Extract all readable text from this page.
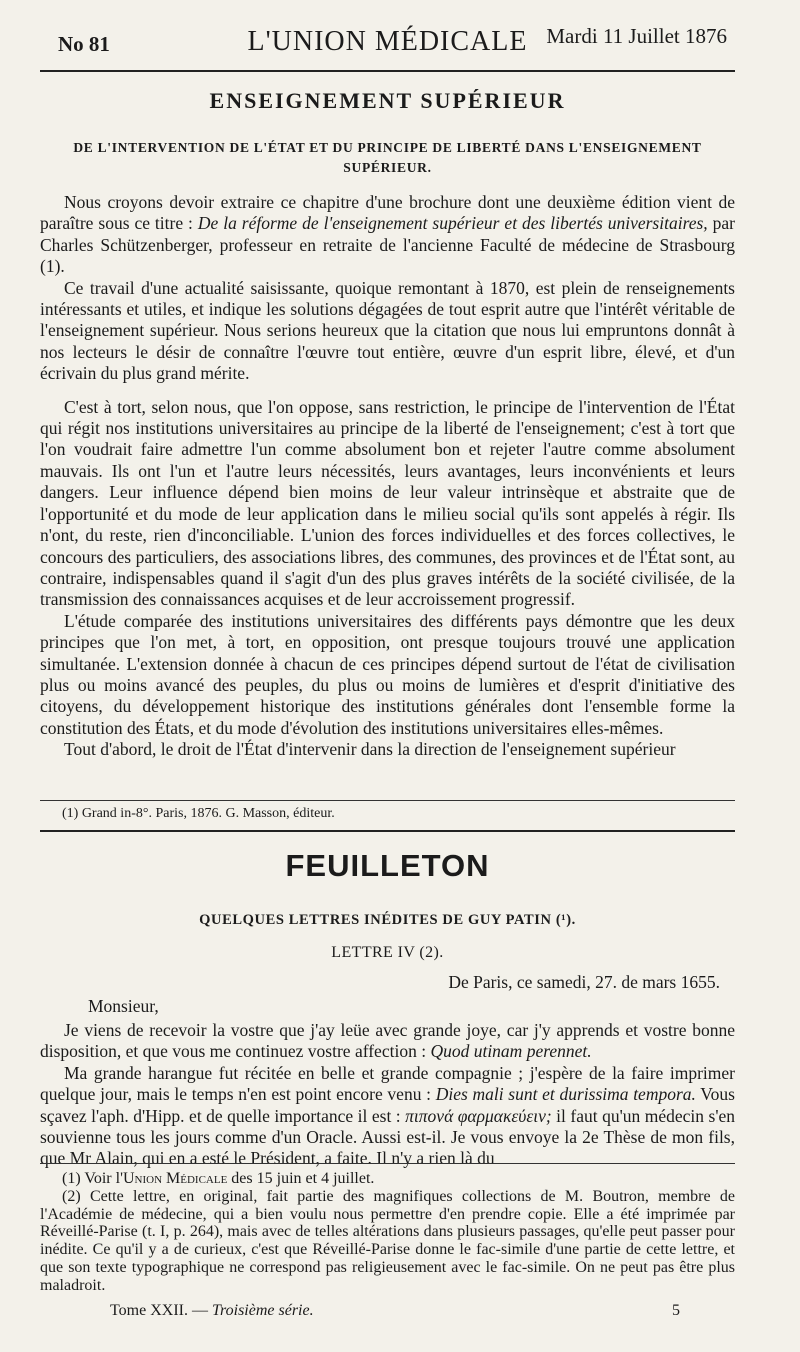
No 81	L'UNION MÉDICALE Mardi 11 Juillet 1876
ENSEIGNEMENT SUPÉRIEUR
DE L'INTERVENTION DE L'ÉTAT ET DU PRINCIPE DE LIBERTÉ DANS L'ENSEIGNEMENT SUPÉRIEUR.

Nous croyons devoir extraire ce chapitre d'une brochure dont une deuxième édition vient de paraître sous ce titre : De la réforme de l'enseignement supérieur et des libertés universitaires, par Charles Schützenberger, professeur en retraite de l'ancienne Faculté de médecine de Strasbourg (1).

Ce travail d'une actualité saisissante, quoique remontant à 1870, est plein de renseignements intéressants et utiles, et indique les solutions dégagées de tout esprit autre que l'intérêt véritable de l'enseignement supérieur. Nous serions heureux que la citation que nous lui empruntons donnât à nos lecteurs le désir de connaître l'œuvre tout entière, œuvre d'un esprit libre, élevé, et d'un écrivain du plus grand mérite.

C'est à tort, selon nous, que l'on oppose, sans restriction, le principe de l'intervention de l'État qui régit nos institutions universitaires au principe de la liberté de l'enseignement; c'est à tort que l'on voudrait faire admettre l'un comme absolument bon et rejeter l'autre comme absolument mauvais. Ils ont l'un et l'autre leurs nécessités, leurs avantages, leurs inconvénients et leurs dangers. Leur influence dépend bien moins de leur valeur intrinsèque et abstraite que de l'opportunité et du mode de leur application dans le milieu social qu'ils sont appelés à régir. Ils n'ont, du reste, rien d'inconciliable. L'union des forces individuelles et des forces collectives, le concours des particuliers, des associations libres, des communes, des provinces et de l'État sont, au contraire, indispensables quand il s'agit d'un des plus graves intérêts de la société civilisée, de la transmission des connaissances acquises et de leur accroissement progressif.

L'étude comparée des institutions universitaires des différents pays démontre que les deux principes que l'on met, à tort, en opposition, ont presque toujours trouvé une application simultanée. L'extension donnée à chacun de ces principes dépend surtout de l'état de civilisation plus ou moins avancé des peuples, du plus ou moins de lumières et d'esprit d'initiative des citoyens, du développement historique des institutions générales dont l'ensemble forme la constitution des États, et du mode d'évolution des institutions universitaires elles-mêmes.

Tout d'abord, le droit de l'État d'intervenir dans la direction de l'enseignement supérieur

(1) Grand in-8°. Paris, 1876. G. Masson, éditeur.
FEUILLETON
QUELQUES LETTRES INÉDITES DE GUY PATIN (¹).
LETTRE IV (2).
De Paris, ce samedi, 27. de mars 1655.
Monsieur,

Je viens de recevoir la vostre que j'ay leüe avec grande joye, car j'y apprends et vostre bonne disposition, et que vous me continuez vostre affection : Quod utinam perennet.

Ma grande harangue fut récitée en belle et grande compagnie ; j'espère de la faire imprimer quelque jour, mais le temps n'en est point encore venu : Dies mali sunt et durissima tempora. Vous sçavez l'aph. d'Hipp. et de quelle importance il est : πιπονά φαρμακεύειν; il faut qu'un médecin s'en souvienne tous les jours comme d'un Oracle. Aussi est-il. Je vous envoye la 2e Thèse de mon fils, que Mr Alain, qui en a esté le Président, a faite. Il n'y a rien là du

(1) Voir l'Union Médicale des 15 juin et 4 juillet.

(2) Cette lettre, en original, fait partie des magnifiques collections de M. Boutron, membre de l'Académie de médecine, qui a bien voulu nous permettre d'en prendre copie. Elle a été imprimée par Réveillé-Parise (t. I, p. 264), mais avec de telles altérations dans plusieurs passages, qu'elle peut passer pour inédite. Ce qu'il y a de curieux, c'est que Réveillé-Parise donne le fac-simile d'une partie de cette lettre, et que son texte typographique ne correspond pas religieusement avec le fac-simile. On ne peut pas être plus maladroit.

Tome XXII. — Troisième série.	5
